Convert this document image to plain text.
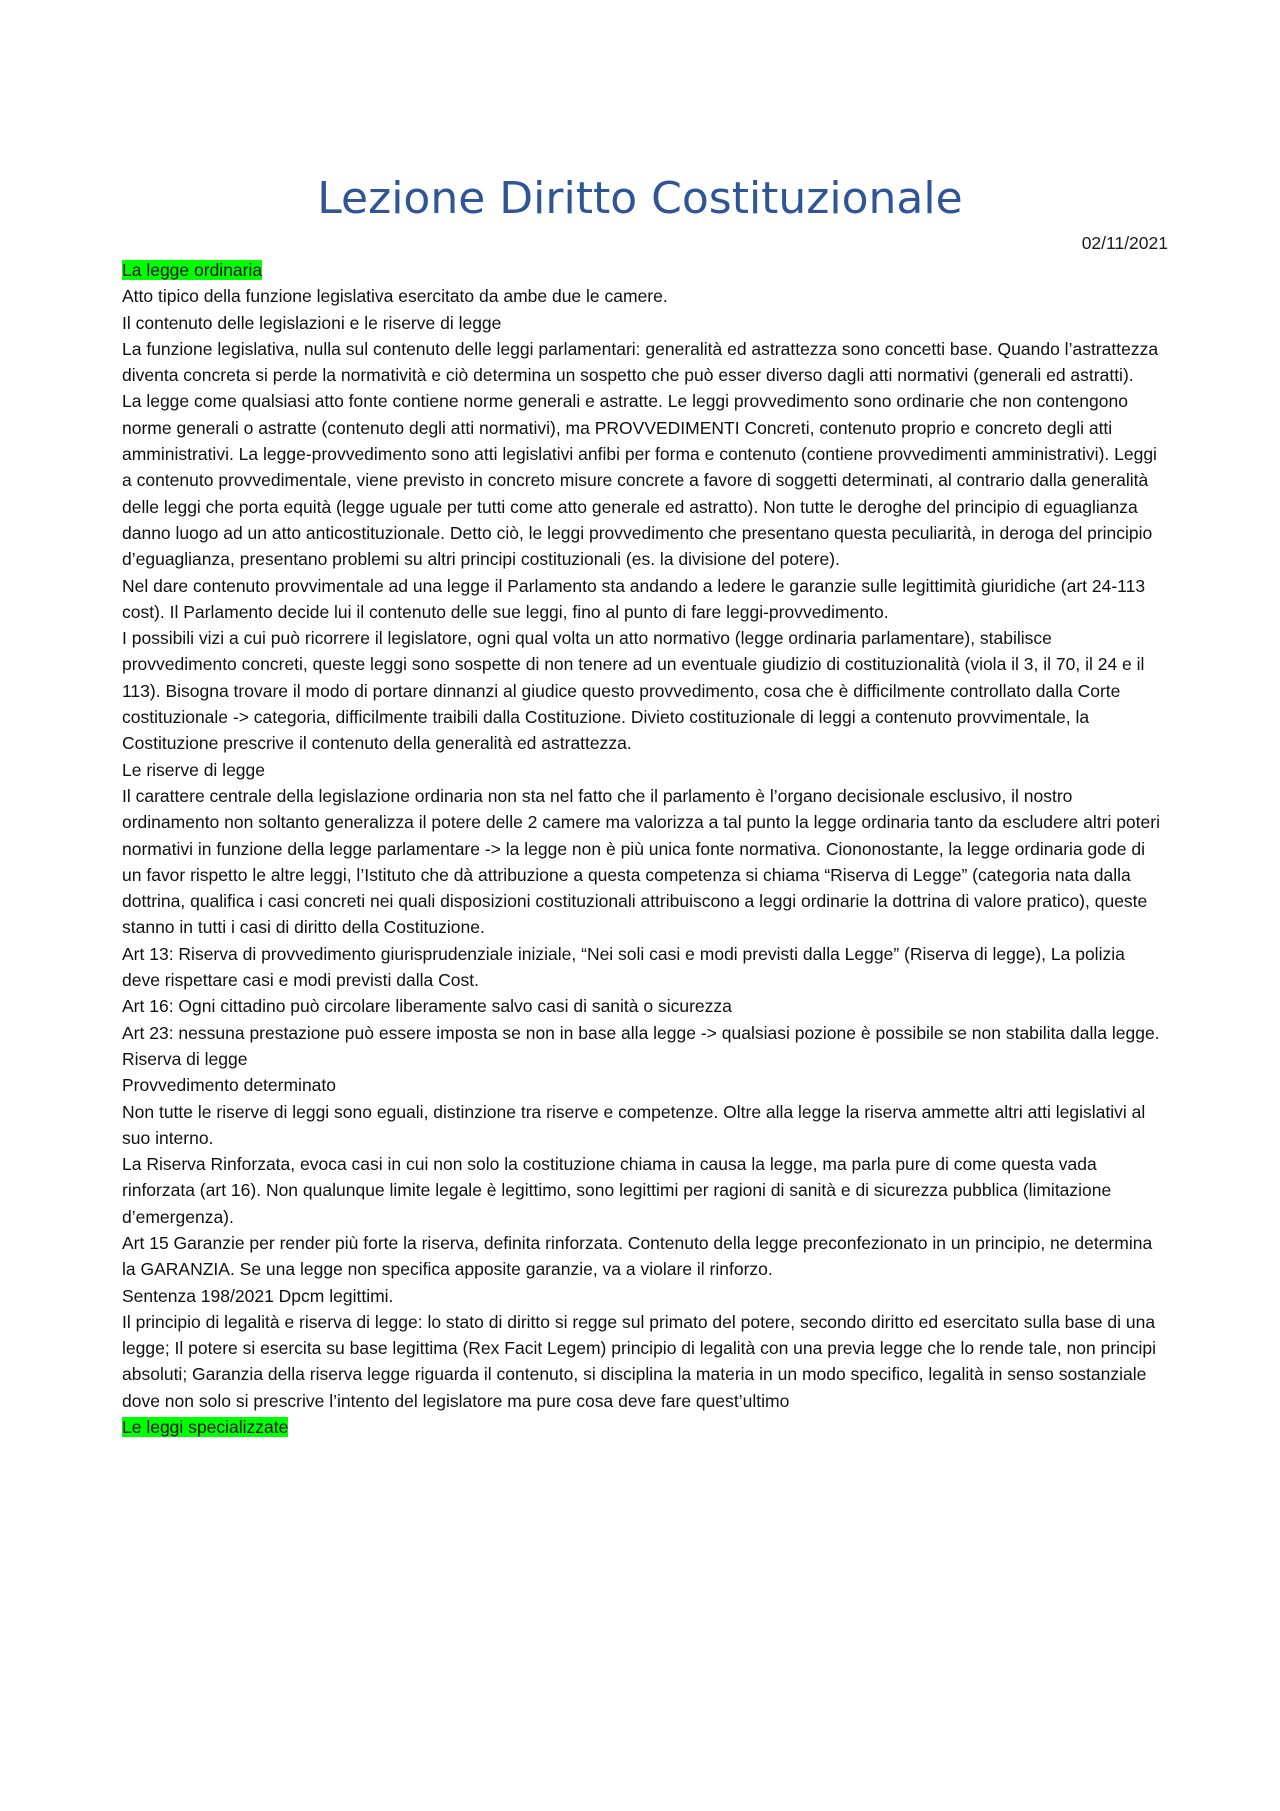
Lezione Diritto Costituzionale
02/11/2021

La legge ordinaria

Atto tipico della funzione legislativa esercitato da ambe due le camere.

Il contenuto delle legislazioni e le riserve di legge

La funzione legislativa, nulla sul contenuto delle leggi parlamentari: generalità ed astrattezza sono concetti base. Quando l’astrattezza diventa concreta si perde la normatività e ciò determina un sospetto che può esser diverso dagli atti normativi (generali ed astratti).

La legge come qualsiasi atto fonte contiene norme generali e astratte. Le leggi provvedimento sono ordinarie che non contengono norme generali o astratte (contenuto degli atti normativi), ma PROVVEDIMENTI Concreti, contenuto proprio e concreto degli atti amministrativi. La legge-provvedimento sono atti legislativi anfibi per forma e contenuto (contiene provvedimenti amministrativi). Leggi a contenuto provvedimentale, viene previsto in concreto misure concrete a favore di soggetti determinati, al contrario dalla generalità delle leggi che porta equità (legge uguale per tutti come atto generale ed astratto). Non tutte le deroghe del principio di eguaglianza danno luogo ad un atto anticostituzionale. Detto ciò, le leggi provvedimento che presentano questa peculiarità, in deroga del principio d’eguaglianza, presentano problemi su altri principi costituzionali (es. la divisione del potere).

Nel dare contenuto provvimentale ad una legge il Parlamento sta andando a ledere le garanzie sulle legittimità giuridiche (art 24-113 cost). Il Parlamento decide lui il contenuto delle sue leggi, fino al punto di fare leggi-provvedimento.

I possibili vizi a cui può ricorrere il legislatore, ogni qual volta un atto normativo (legge ordinaria parlamentare), stabilisce provvedimento concreti, queste leggi sono sospette di non tenere ad un eventuale giudizio di costituzionalità (viola il 3, il 70, il 24 e il 113). Bisogna trovare il modo di portare dinnanzi al giudice questo provvedimento, cosa che è difficilmente controllato dalla Corte costituzionale -> categoria, difficilmente traibili dalla Costituzione. Divieto costituzionale di leggi a contenuto provvimentale, la Costituzione prescrive il contenuto della generalità ed astrattezza.

Le riserve di legge

Il carattere centrale della legislazione ordinaria non sta nel fatto che il parlamento è l’organo decisionale esclusivo, il nostro ordinamento non soltanto generalizza il potere delle 2 camere ma valorizza a tal punto la legge ordinaria tanto da escludere altri poteri normativi in funzione della legge parlamentare -> la legge non è più unica fonte normativa. Ciononostante, la legge ordinaria gode di un favor rispetto le altre leggi, l’Istituto che dà attribuzione a questa competenza si chiama “Riserva di Legge” (categoria nata dalla dottrina, qualifica i casi concreti nei quali disposizioni costituzionali attribuiscono a leggi ordinarie la dottrina di valore pratico), queste stanno in tutti i casi di diritto della Costituzione.

Art 13: Riserva di provvedimento giurisprudenziale iniziale, “Nei soli casi e modi previsti dalla Legge” (Riserva di legge), La polizia deve rispettare casi e modi previsti dalla Cost.

Art 16: Ogni cittadino può circolare liberamente salvo casi di sanità o sicurezza

Art 23: nessuna prestazione può essere imposta se non in base alla legge -> qualsiasi pozione è possibile se non stabilita dalla legge.

Riserva di legge

Provvedimento determinato

Non tutte le riserve di leggi sono eguali, distinzione tra riserve e competenze. Oltre alla legge la riserva ammette altri atti legislativi al suo interno.

La Riserva Rinforzata, evoca casi in cui non solo la costituzione chiama in causa la legge, ma parla pure di come questa vada rinforzata (art 16). Non qualunque limite legale è legittimo, sono legittimi per ragioni di sanità e di sicurezza pubblica (limitazione d’emergenza).

Art 15 Garanzie per render più forte la riserva, definita rinforzata. Contenuto della legge preconfezionato in un principio, ne determina la GARANZIA. Se una legge non specifica apposite garanzie, va a violare il rinforzo.

Sentenza 198/2021 Dpcm legittimi.

Il principio di legalità e riserva di legge: lo stato di diritto si regge sul primato del potere, secondo diritto ed esercitato sulla base di una legge; Il potere si esercita su base legittima (Rex Facit Legem) principio di legalità con una previa legge che lo rende tale, non principi absoluti; Garanzia della riserva legge riguarda il contenuto, si disciplina la materia in un modo specifico, legalità in senso sostanziale dove non solo si prescrive l’intento del legislatore ma pure cosa deve fare quest’ultimo

Le leggi specializzate
